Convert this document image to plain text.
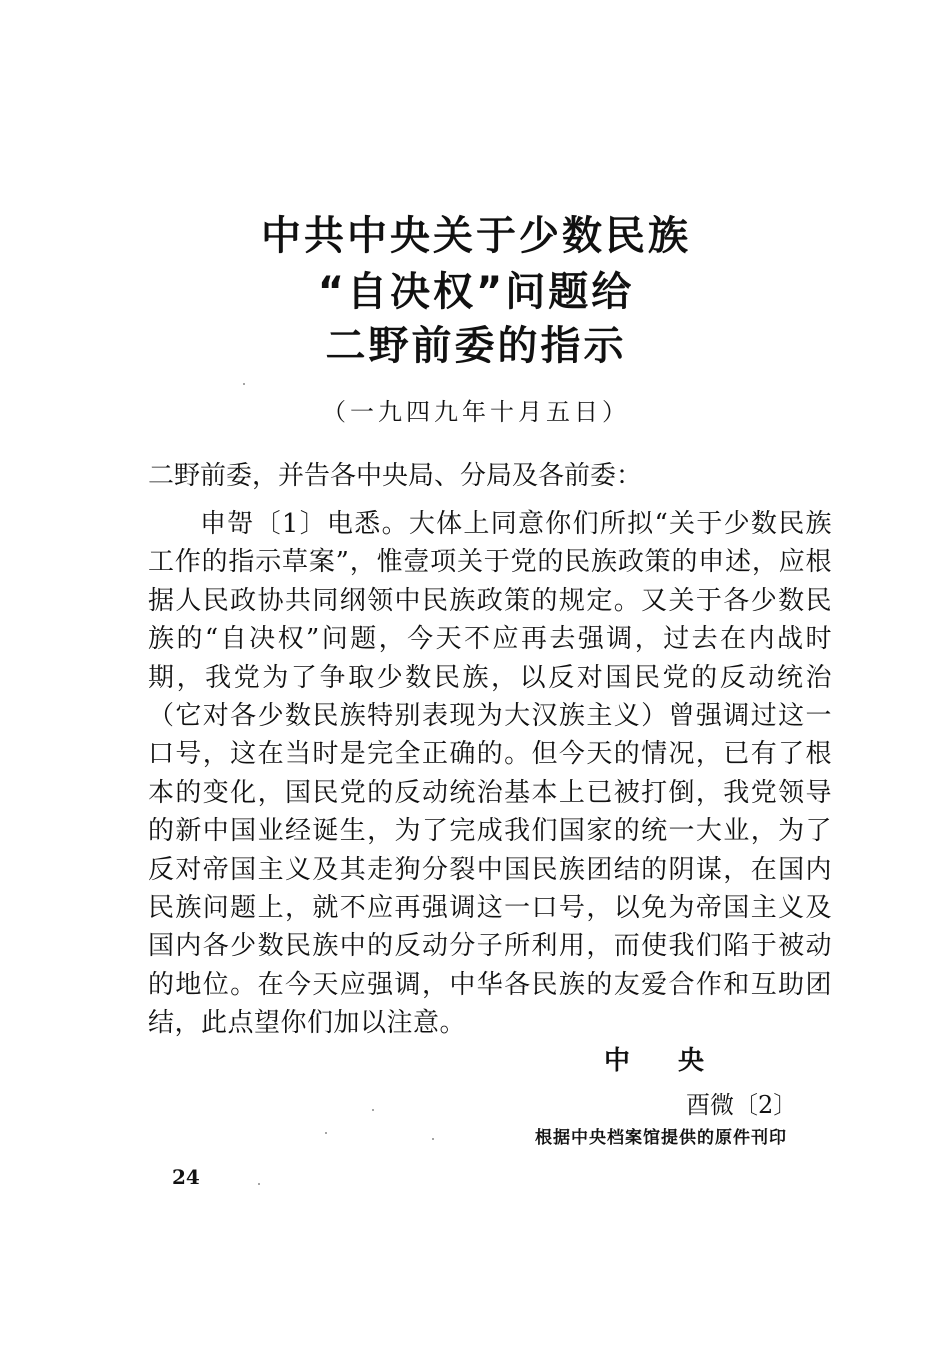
中共中央关于少数民族
“自决权”问题给
二野前委的指示
（一九四九年十月五日）
二野前委，并告各中央局、分局及各前委：

申哿〔1〕电悉。大体上同意你们所拟“关于少数民族工作的指示草案”，惟壹项关于党的民族政策的申述，应根据人民政协共同纲领中民族政策的规定。又关于各少数民族的“自决权”问题，今天不应再去强调，过去在内战时期，我党为了争取少数民族，以反对国民党的反动统治（它对各少数民族特别表现为大汉族主义）曾强调过这一口号，这在当时是完全正确的。但今天的情况，已有了根本的变化，国民党的反动统治基本上已被打倒，我党领导的新中国业经诞生，为了完成我们国家的统一大业，为了反对帝国主义及其走狗分裂中国民族团结的阴谋，在国内民族问题上，就不应再强调这一口号，以免为帝国主义及国内各少数民族中的反动分子所利用，而使我们陷于被动的地位。在今天应强调，中华各民族的友爱合作和互助团结，此点望你们加以注意。

中央
酉微〔2〕
根据中央档案馆提供的原件刊印
24
